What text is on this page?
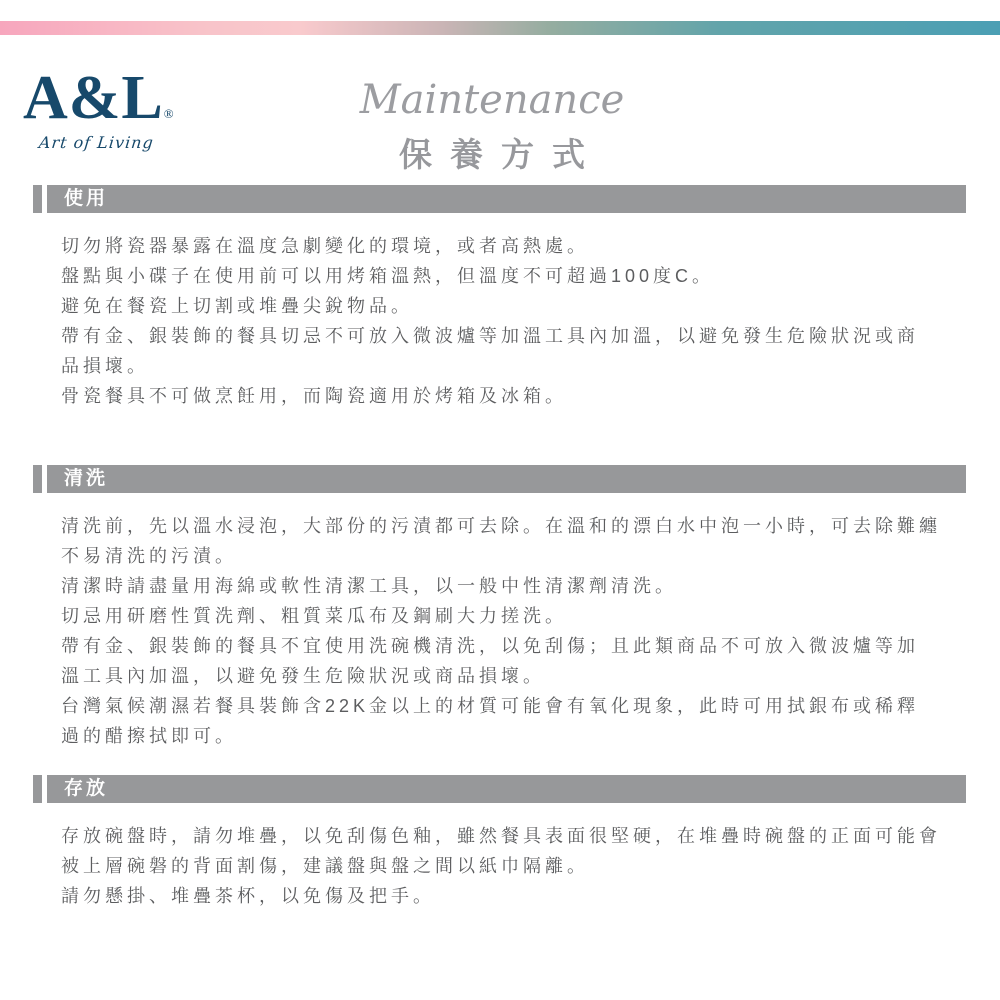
A&L®
Art of Living
Maintenance
保養方式
使用
切勿將瓷器暴露在溫度急劇變化的環境，或者高熱處。
盤點與小碟子在使用前可以用烤箱溫熱，但溫度不可超過100度C。
避免在餐瓷上切割或堆疊尖銳物品。
帶有金、銀裝飾的餐具切忌不可放入微波爐等加溫工具內加溫，以避免發生危險狀況或商
品損壞。
骨瓷餐具不可做烹飪用，而陶瓷適用於烤箱及冰箱。
清洗
清洗前，先以溫水浸泡，大部份的污漬都可去除。在溫和的漂白水中泡一小時，可去除難纏
不易清洗的污漬。
清潔時請盡量用海綿或軟性清潔工具，以一般中性清潔劑清洗。
切忌用研磨性質洗劑、粗質菜瓜布及鋼刷大力搓洗。
帶有金、銀裝飾的餐具不宜使用洗碗機清洗，以免刮傷；且此類商品不可放入微波爐等加
溫工具內加溫，以避免發生危險狀況或商品損壞。
台灣氣候潮濕若餐具裝飾含22K金以上的材質可能會有氧化現象，此時可用拭銀布或稀釋
過的醋擦拭即可。
存放
存放碗盤時，請勿堆疊，以免刮傷色釉，雖然餐具表面很堅硬，在堆疊時碗盤的正面可能會
被上層碗磐的背面割傷，建議盤與盤之間以紙巾隔離。
請勿懸掛、堆疊茶杯，以免傷及把手。
